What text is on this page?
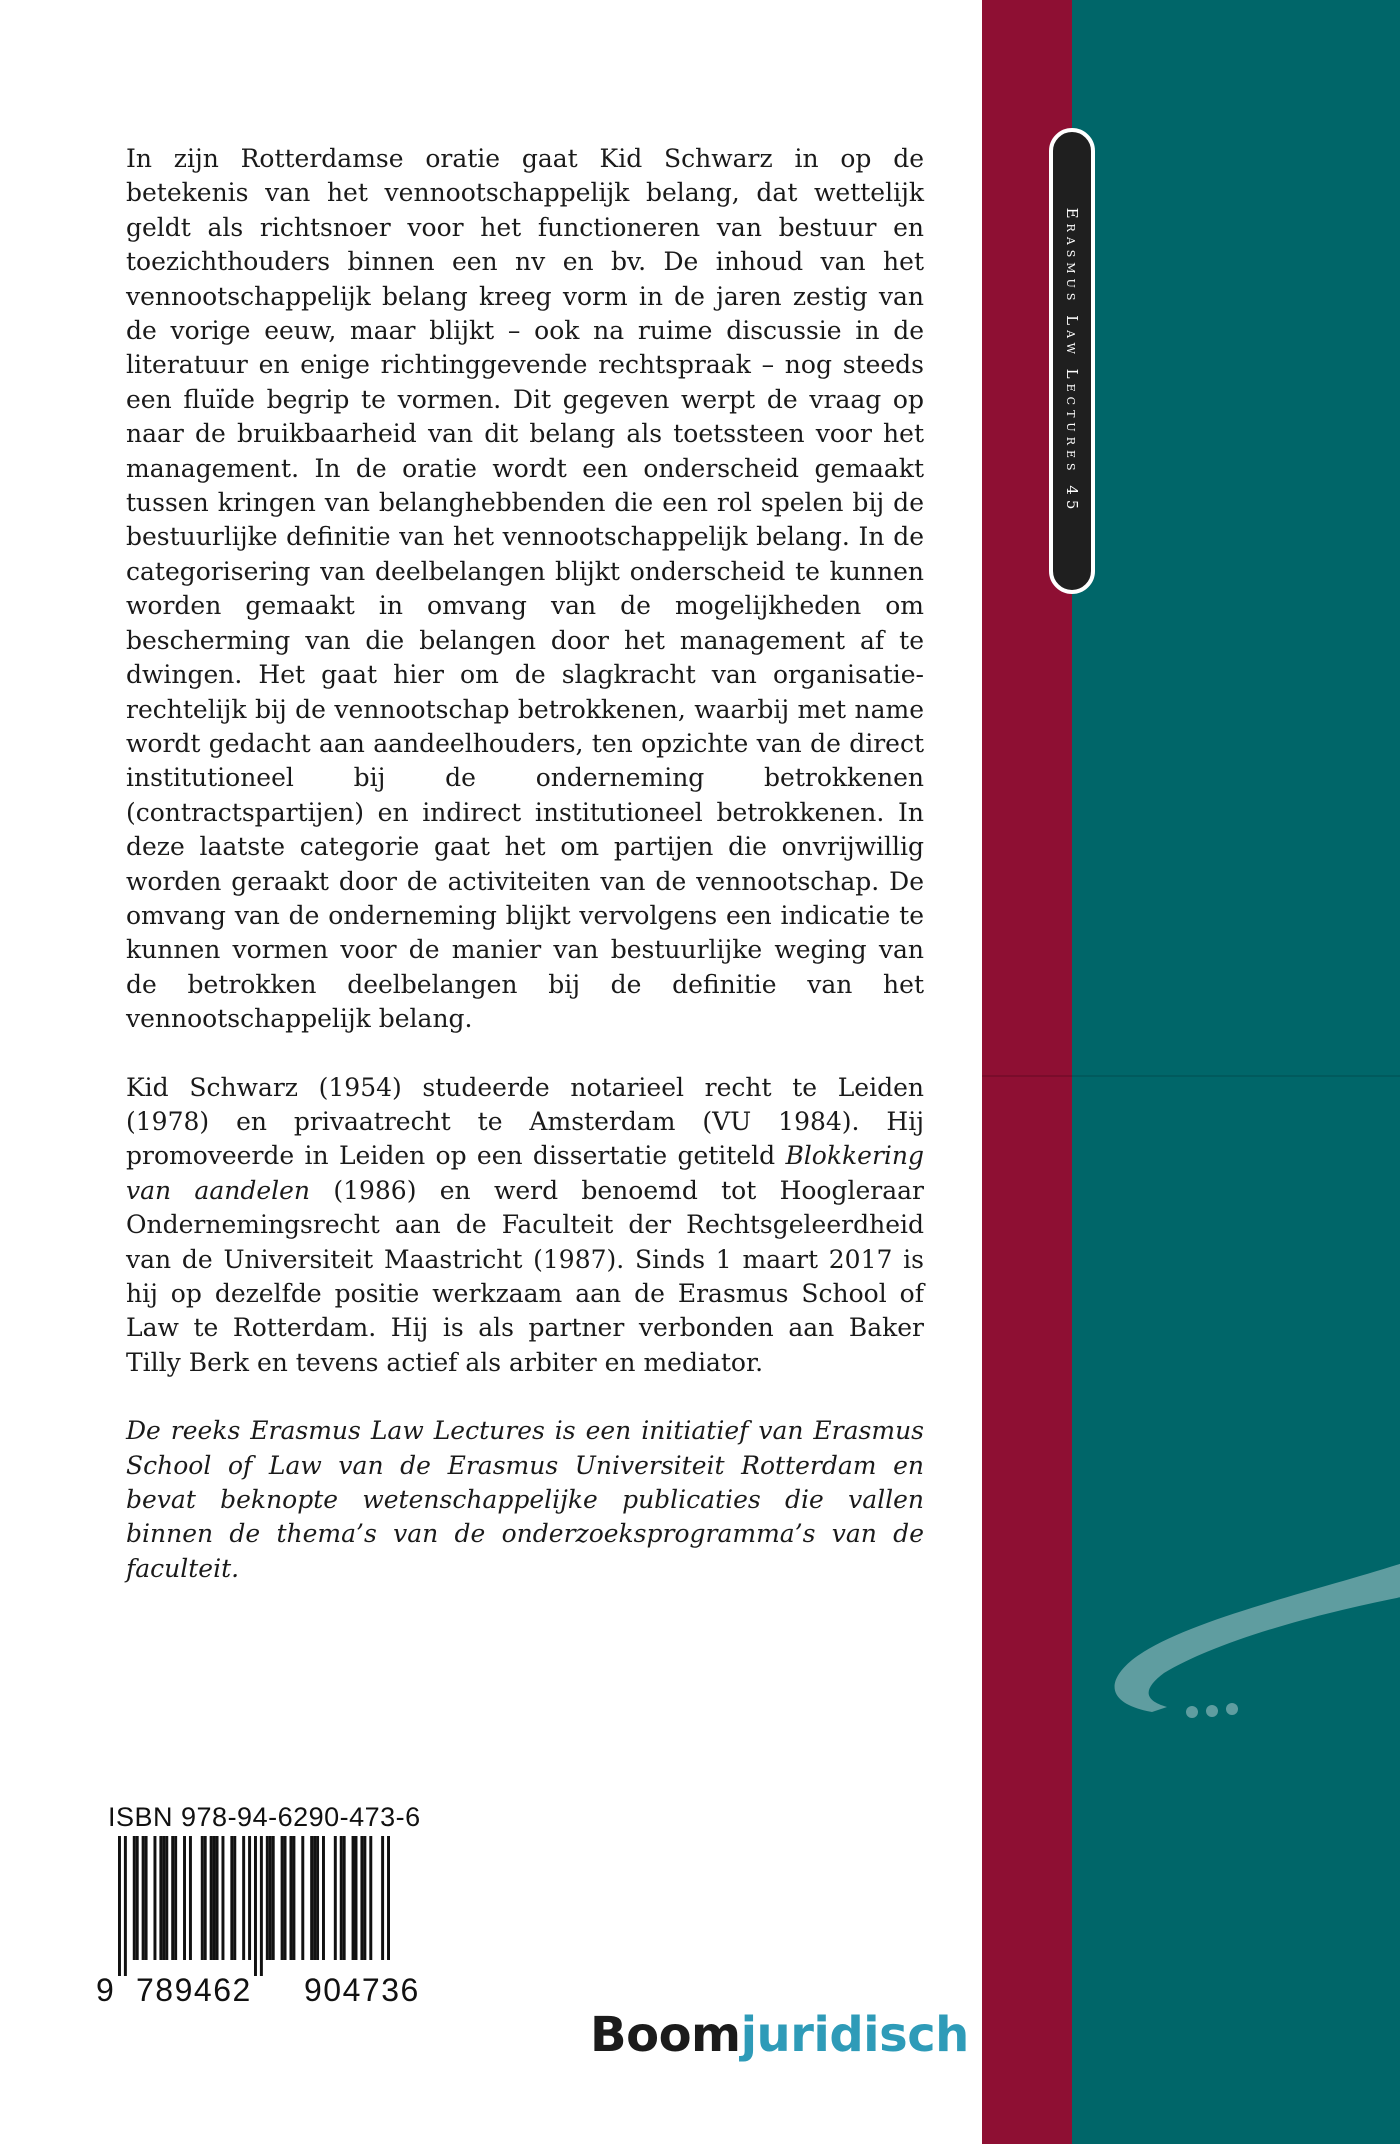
In zijn Rotterdamse oratie gaat Kid Schwarz in op de betekenis van het vennootschappelijk belang, dat wettelijk geldt als richtsnoer voor het functioneren van bestuur en toezichthouders binnen een nv en bv. De inhoud van het vennootschappelijk belang kreeg vorm in de jaren zestig van de vorige eeuw, maar blijkt – ook na ruime discussie in de literatuur en enige richtinggevende rechtspraak – nog steeds een fluïde begrip te vormen. Dit gegeven werpt de vraag op naar de bruikbaarheid van dit belang als toetssteen voor het management. In de oratie wordt een onderscheid gemaakt tussen kringen van belanghebbenden die een rol spelen bij de bestuurlijke definitie van het vennootschappelijk belang. In de categorisering van deelbelangen blijkt onderscheid te kunnen worden gemaakt in omvang van de mogelijkheden om bescherming van die belangen door het management af te dwingen. Het gaat hier om de slagkracht van organisatierechtelijk bij de vennootschap betrokkenen, waarbij met name wordt gedacht aan aandeelhouders, ten opzichte van de direct institutioneel bij de onderneming betrokkenen (contractspartijen) en indirect institutioneel betrokkenen. In deze laatste categorie gaat het om partijen die onvrijwillig worden geraakt door de activiteiten van de vennootschap. De omvang van de onderneming blijkt vervolgens een indicatie te kunnen vormen voor de manier van bestuurlijke weging van de betrokken deelbelangen bij de definitie van het vennootschappelijk belang.

Kid Schwarz (1954) studeerde notarieel recht te Leiden (1978) en privaatrecht te Amsterdam (VU 1984). Hij promoveerde in Leiden op een dissertatie getiteld Blokkering van aandelen (1986) en werd benoemd tot Hoogleraar Ondernemingsrecht aan de Faculteit der Rechtsgeleerdheid van de Universiteit Maastricht (1987). Sinds 1 maart 2017 is hij op dezelfde positie werkzaam aan de Erasmus School of Law te Rotterdam. Hij is als partner verbonden aan Baker Tilly Berk en tevens actief als arbiter en mediator.

De reeks Erasmus Law Lectures is een initiatief van Erasmus School of Law van de Erasmus Universiteit Rotterdam en bevat beknopte wetenschappelijke publicaties die vallen binnen de thema’s van de onderzoeksprogramma’s van de faculteit.

Erasmus Law Lectures 45
ISBN 978-94-6290-473-6
9 789462 904736
Boomjuridisch
